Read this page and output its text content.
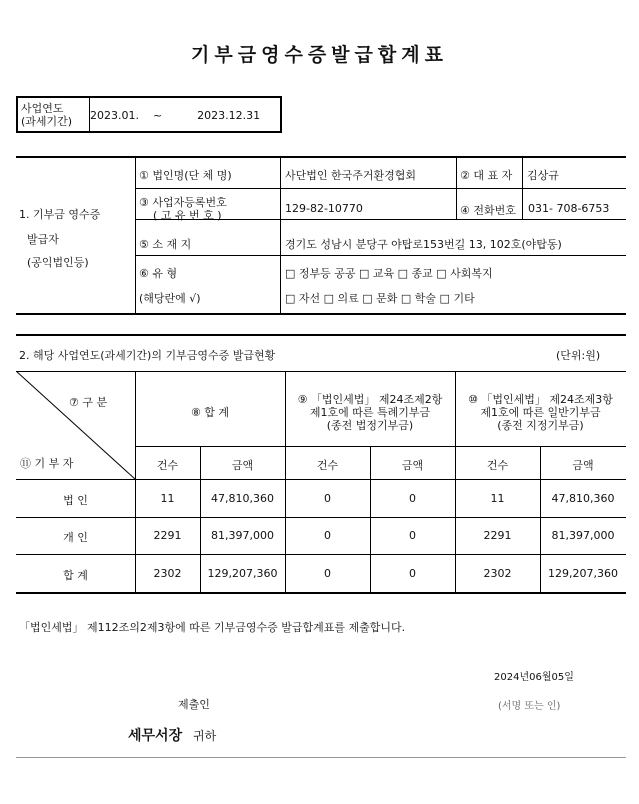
기부금영수증발급합계표
사업연도
(과세기간)	2023.01.    ~          2023.12.31
1. 기부금 영수증
발급자
(공익법인등)
① 법인명(단 체 명)	사단법인 한국주거환경협회	② 대 표 자 김상규
③ 사업자등록번호
( 고 유 번 호 )
129-82-10770	④ 전화번호 031- 708-6753
⑤ 소 재 지	경기도 성남시 분당구 야탑로153번길 13, 102호(야탑동)
⑥ 유 형
(해당란에 √)
□ 정부등 공공 □ 교육 □ 종교 □ 사회복지
□ 자선 □ 의료 □ 문화 □ 학술 □ 기타
2. 해당 사업연도(과세기간)의 기부금영수증 발급현황	(단위:원)
⑦ 구 분
⑪ 기 부 자
⑧ 합 계
⑨ 「법인세법」 제24조제2항
제1호에 따른 특례기부금
(종전 법정기부금)
⑩ 「법인세법」 제24조제3항
제1호에 따른 일반기부금
(종전 지정기부금)
건수	금액	건수	금액	건수	금액
법 인	11	47,810,360	0	0	11	47,810,360
개 인	2291	81,397,000	0	0	2291	81,397,000
합 계	2302	129,207,360	0	0	2302	129,207,360
「법인세법」 제112조의2제3항에 따른 기부금영수증 발급합계표를 제출합니다.
2024년06월05일
제출인	(서명 또는 인)
세무서장 귀하
